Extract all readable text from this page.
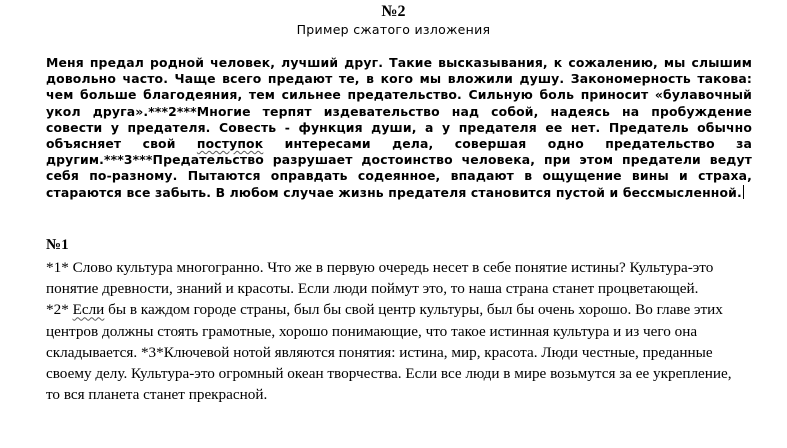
№2
Пример сжатого изложения
Меня предал родной человек, лучший друг. Такие высказывания, к сожалению, мы слышим довольно часто. Чаще всего предают те, в кого мы вложили душу. Закономерность такова: чем больше благодеяния, тем сильнее предательство. Сильную боль приносит «булавочный укол друга».***2***Многие терпят издевательство над собой, надеясь на пробуждение совести у предателя. Совесть - функция души, а у предателя ее нет. Предатель обычно объясняет свой поступок интересами дела, совершая одно предательство за другим.***3***Предательство разрушает достоинство человека, при этом предатели ведут себя по-разному. Пытаются оправдать содеянное, впадают в ощущение вины и страха, стараются все забыть. В любом случае жизнь предателя становится пустой и бессмысленной.
№1
*1* Слово культура многогранно. Что же в первую очередь несет в себе понятие истины? Культура-это понятие древности, знаний и красоты. Если люди поймут это, то наша страна станет процветающей.
*2* Если бы в каждом городе страны, был бы свой центр культуры, был бы очень хорошо. Во главе этих центров должны стоять грамотные, хорошо понимающие, что такое истинная культура и из чего она складывается. *3*Ключевой нотой являются понятия: истина, мир, красота. Люди честные, преданные своему делу. Культура-это огромный океан творчества. Если все люди в мире возьмутся за ее укрепление, то вся планета станет прекрасной.
